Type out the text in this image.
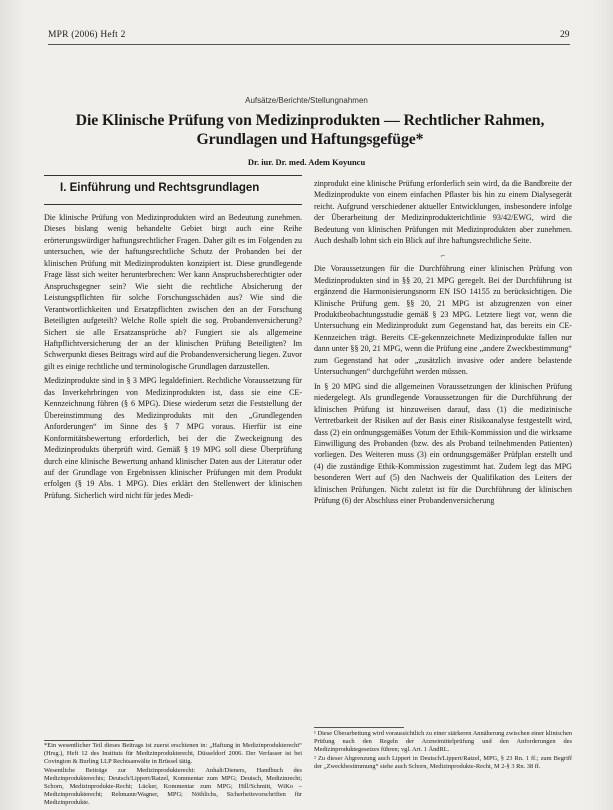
MPR (2006) Heft 2	29
Aufsätze/Berichte/Stellungnahmen
Die Klinische Prüfung von Medizinprodukten — Rechtlicher Rahmen,
Grundlagen und Haftungsgefüge*
Dr. iur. Dr. med. Adem Koyuncu
I. Einführung und Rechtsgrundlagen

Die klinische Prüfung von Medizinprodukten wird an Bedeutung zunehmen. Dieses bislang wenig behandelte Gebiet birgt auch eine Reihe erörterungswürdiger haftungsrechtlicher Fragen. Daher gilt es im Folgenden zu untersuchen, wie der haftungsrechtliche Schutz der Probanden bei der klinischen Prüfung mit Medizinprodukten konzipiert ist. Diese grundlegende Frage lässt sich weiter herunterbrechen: Wer kann Anspruchsberechtigter oder Anspruchsgegner sein? Wie sieht die rechtliche Absicherung der Leistungspflichten für solche Forschungsschäden aus? Wie sind die Verantwortlichkeiten und Ersatzpflichten zwischen den an der Forschung Beteiligten aufgeteilt? Welche Rolle spielt die sog. Probandenversicherung? Sichert sie alle Ersatzansprüche ab? Fungiert sie als allgemeine Haftpflichtversicherung der an der klinischen Prüfung Beteiligten? Im Schwerpunkt dieses Beitrags wird auf die Probandenversicherung liegen. Zuvor gilt es einige rechtliche und terminologische Grundlagen darzustellen.

Medizinprodukte sind in § 3 MPG legaldefiniert. Rechtliche Voraussetzung für das Inverkehrbringen von Medizinprodukten ist, dass sie eine CE-Kennzeichnung führen (§ 6 MPG). Diese wiederum setzt die Feststellung der Übereinstimmung des Medizinprodukts mit den „Grundlegenden Anforderungen“ im Sinne des § 7 MPG voraus. Hierfür ist eine Konformitätsbewertung erforderlich, bei der die Zweckeignung des Medizinprodukts überprüft wird. Gemäß § 19 MPG soll diese Überprüfung durch eine klinische Bewertung anhand klinischer Daten aus der Literatur oder auf der Grundlage von Ergebnissen klinischer Prüfungen mit dem Produkt erfolgen (§ 19 Abs. 1 MPG). Dies erklärt den Stellenwert der klinischen Prüfung. Sicherlich wird nicht für jedes Medi-

zinprodukt eine klinische Prüfung erforderlich sein wird, da die Bandbreite der Medizinprodukte von einem einfachen Pflaster bis hin zu einem Dialysegerät reicht. Aufgrund verschiedener aktueller Entwicklungen, insbesondere infolge der Überarbeitung der Medizinprodukterichtlinie 93/42/EWG, wird die Bedeutung von klinischen Prüfungen mit Medizinprodukten aber zunehmen. Auch deshalb lohnt sich ein Blick auf ihre haftungsrechtliche Seite.

⌐

Die Voraussetzungen für die Durchführung einer klinischen Prüfung von Medizinprodukten sind in §§ 20, 21 MPG geregelt. Bei der Durchführung ist ergänzend die Harmonisierungsnorm EN ISO 14155 zu berücksichtigen. Die Klinische Prüfung gem. §§ 20, 21 MPG ist abzugrenzen von einer Produktbeobachtungsstudie gemäß § 23 MPG. Letztere liegt vor, wenn die Untersuchung ein Medizinprodukt zum Gegenstand hat, das bereits ein CE-Kennzeichen trägt. Bereits CE-gekennzeichnete Medizinprodukte fallen nur dann unter §§ 20, 21 MPG, wenn die Prüfung eine „andere Zweckbestimmung“ zum Gegenstand hat oder „zusätzlich invasive oder andere belastende Untersuchungen“ durchgeführt werden müssen.

In § 20 MPG sind die allgemeinen Voraussetzungen der klinischen Prüfung niedergelegt. Als grundlegende Voraussetzungen für die Durchführung der klinischen Prüfung ist hinzuweisen darauf, dass (1) die medizinische Vertretbarkeit der Risiken auf der Basis einer Risikoanalyse festgestellt wird, dass (2) ein ordnungsgemäßes Votum der Ethik-Kommission und die wirksame Einwilligung des Probanden (bzw. des als Proband teilnehmenden Patienten) vorliegen. Des Weiteren muss (3) ein ordnungsgemäßer Prüfplan erstellt und (4) die zuständige Ethik-Kommission zugestimmt hat. Zudem legt das MPG besonderen Wert auf (5) den Nachweis der Qualifikation des Leiters der klinischen Prüfungen. Nicht zuletzt ist für die Durchführung der klinischen Prüfung (6) der Abschluss einer Probandenversicherung

*Ein wesentlicher Teil dieses Beitrags ist zuerst erschienen in: „Haftung in Medizinprodukterecht“ (Hrsg.), Heft 12 des Instituts für Medizinprodukterecht, Düsseldorf 2006. Der Verfasser ist bei Covington & Burling LLP Rechtsanwälte in Brüssel tätig.

Wesentliche Beiträge zur Medizinprodukterecht: Anhalt/Dieners, Handbuch des Medizinprodukterechts; Deutsch/Lippert/Ratzel, Kommentar zum MPG; Deutsch, Medizinrecht; Schorn, Medizinprodukte-Recht; Lücker, Kommentar zum MPG; Hill/Schmitt, WiKo – Medizinprodukterecht; Rehmann/Wagner, MPG; Nöthlichs, Sicherheitsvorschriften für Medizinprodukte.

¹ Diese Überarbeitung wird voraussichtlich zu einer stärkeren Annäherung zwischen einer klinischen Prüfung nach den Regeln der Arzneimittelprüfung und den Anforderungen des Medizinproduktegesetzes führen; vgl. Art. 1 ÄndRL.

² Zu dieser Abgrenzung auch Lippert in Deutsch/Lippert/Ratzel, MPG, § 23 Rn. 1 ff.; zum Begriff der „Zweckbestimmung“ siehe auch Schorn, Medizinprodukte-Recht, M 2-§ 3 Rn. 38 ff.
